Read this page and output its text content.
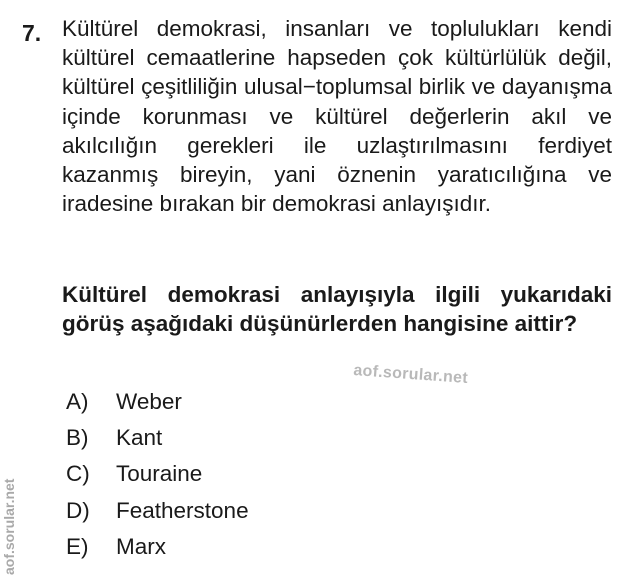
7. Kültürel demokrasi, insanları ve toplulukları kendi kültürel cemaatlerine hapseden çok kültürlülük değil, kültürel çeşitliliğin ulusal−toplumsal birlik ve dayanışma içinde korunması ve kültürel değerlerin akıl ve akılcılığın gerekleri ile uzlaştırılmasını ferdiyet kazanmış bireyin, yani öznenin yaratıcılığına ve iradesine bırakan bir demokrasi anlayışıdır.
Kültürel demokrasi anlayışıyla ilgili yukarıdaki görüş aşağıdaki düşünürlerden hangisine aittir?
A)	Weber
B)	Kant
C)	Touraine
D)	Featherstone
E)	Marx
aof.sorular.net
aof.sorular.net
